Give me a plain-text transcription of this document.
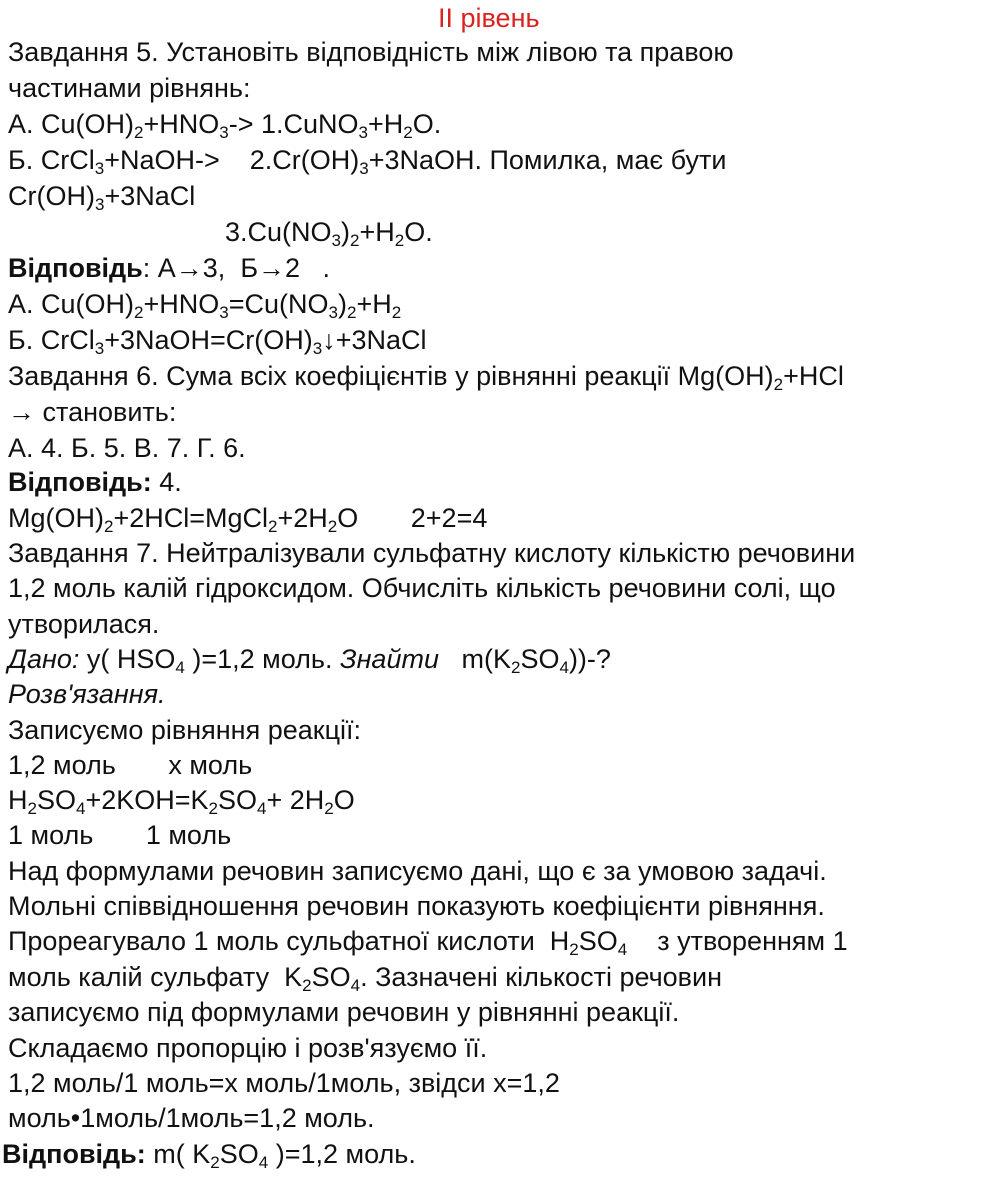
II рівень
Завдання 5. Установіть відповідність між лівою та правою
частинами рівнянь:
А. $Cu(OH)_2+HNO_3->$ $1.CuNO_3+H_2O$.
Б. CrCl$_3$+NaOH->    $2.Cr(OH)_3+3NaOH$. Помилка, має бути
$Cr(OH)_3+3NaCl$
$3.Cu(NO_3)_2+H_2O$.
Відповідь: А→3,  Б→2   .
А. $Cu(OH)_2+HNO_3=Cu(NO_3)_2+H_2$
Б. $CrCl_3+3NaOH=Cr(OH)_3↓+3NaCl$
Завдання 6. Сума всіх коефіцієнтів у рівнянні реакції $Mg(OH)_2+HCl$
→ становить:
А. 4. Б. 5. В. 7. Г. 6.
Відповідь: 4.
$Mg(OH)_2+2HCl=MgCl_2+2H_2O$       2+2=4
Завдання 7. Нейтралізували сульфатну кислоту кількістю речовини
1,2 моль калій гідроксидом. Обчисліть кількість речовини солі, що
утворилася.
Дано: y( $HSO_4$ )=1,2 моль. Знайти   $m(K_2SO_4))-$?
Розв'язання.
Записуємо рівняння реакції:
1,2 моль       х моль
$H_2SO_4+2KOH=K_2SO_4+ 2H_2O$
1 моль       1 моль
Над формулами речовин записуємо дані, що є за умовою задачі.
Мольні співвідношення речовин показують коефіцієнти рівняння.
Прореагувало 1 моль сульфатної кислоти  $H_2SO_4$    з утворенням 1
моль калій сульфату  $K_2SO_4$. Зазначені кількості речовин
записуємо під формулами речовин у рівнянні реакції.
Складаємо пропорцію і розв'язуємо її.
1,2 моль/1 моль=х моль/1моль, звідси х=1,2
моль•1моль/1моль=1,2 моль.
Відповідь: m( $K_2SO_4$ )=1,2 моль.
